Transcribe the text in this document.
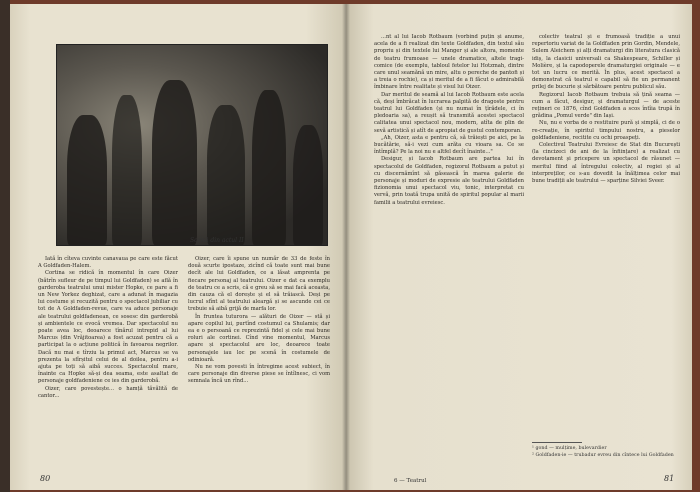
Scenă din actul II

Iată în cîteva cuvinte canavaua pe care este făcut A Goldfaden-Halem.

Cortina se ridică în momentul în care Oizer (bătrîn sufleur de pe timpul lui Goldfaden) se află în garderoba teatrului unui mister Hopke, ce pare a fi un New Yorkez deghizat, care a adunat în magazia lui costume și recuzită pentru o spectacol jubiliar cu tot de A Goldfaden-revue, care va aduce personaje ale teatrului goldfadenean, ce sosesc din garderobă și ambientele ce evocă vremea. Dar spectacolul nu poate avea loc, deoarece tînărul intrepid al lui Marcus (din Vrăjitoarea) a fost acuzat pentru că a participat la o acțiune politică în favoarea negrilor. Dacă nu mai e tîrziu la primul act, Marcus se va prezenta la sfîrșitul celui de al doilea, pentru a-i ajuta pe toți să aibă succes. Spectacolul mare, înainte ca Hopke să-și dea seama, este asaltat de personaje goldfadeniene ce ies din garderobă.

Oizer, care povestește... o hamță tăvălită de cantor...

Oizer, care îi spune un număr de 33 de feste în două scurte ipostaze, zicînd că toate sunt mai bune decît ale lui Goldfaden, ce a lăsat amprenta pe fiecare personaj al teatrului. Oizer e dat ca exemplu de teatru ce a scris, că e greu să se mai facă aceasta, din cauza că el dorește și el să trăiască. Deși pe lucrul sfînt al teatrului aleargă și se ascunde cei ce trebuie să aibă grijă de marfa lor.

În fruntea tuturora — alături de Oizer — stă și apare copilul lui, purtînd costumul ca Shulamis; dar ea e o persoană ce reprezintă fidel și cele mai bune roluri ale cortinei. Cînd vine momentul, Marcus apare și spectacolul are loc, deoarece toate personajele iau loc pe scenă în costumele de odinioară.

Nu ne vom povesti în întregime acest subiect, în care personaje din diverse piese se întîlnesc, ci vom semnala încă un rînd...

80

...nt al lui Iacob Rotbaum (vorbind puțin și anume, acela de a fi realizat din texte Goldfaden, din textul său propriu și din textele lui Manger și ale altora, momente de teatru frumoase — unele dramatice, altele tragi-comice (de exemplu, tabloul fetelor lui Hotzmah, dintre care unul seamănă un mire, altu o pereche de pantofi și a treia o rochie), ca și meritul de a fi făcut o admirabilă îmbinare între realitate și visul lui Oizer.

Dar meritul de seamă al lui Iacob Rotbaum este acela că, deși îmbrăcat în lucrarea palpită de dragoste pentru teatrul lui Goldfaden (și nu numai în țîrădele, ci în pledoaria sa), a reușit să transmită acestei spectacol calitatea unui spectacol nou, modern, atîta de plin de sevă artistică și atît de apropiat de gustul contemporan.

„Ah, Oizer, asta e pentru că, să trăiești pe aici, pe la bucătărie, să-i vezi cum arăta cu vioara sa. Ce se întîmplă? Pe la noi nu e altfel decît înainte..."

Desigur, și Iacob Rotbaum are partea lui în spectacolul de Goldfaden, regizorul Rotbaum a putut și cu discernămînt să găsească în marea galerie de personaje și moduri de expresie ale teatrului Goldfaden fizionomia unui spectacol viu, tonic, interpretat cu vervă, prin toată trupa unită de spiritul popular al marii familii a teatrului evreiesc.

colectiv teatral și e frumoasă tradiție a unui repertoriu variat de la Goldfaden prin Gordin, Mendele, Sulem Aleichem și alți dramaturgi din literatura clasică idiș, la clasicii universali ca Shakespeare, Schiller și Molière, și la capodoperele dramaturgiei originale — e tot un lucru ce merită. În plus, acest spectacol a demonstrat că teatrul e capabil să fie un permanent prilej de bucurie și sărbătoare pentru publicul său.

Regizorul Iacob Rotbaum trebuia să țină seama — cum a făcut, desigur, și dramaturgul — de aceste rețineri ce 1876, cînd Goldfaden a scos întîia trupă în grădina „Pomul verde" din Iași.

Nu, nu e vorba de o restituire pură și simplă, ci de o re-creație, în spiritul timpului nostru, a pieselor goldfadeniene, recitite cu ochi proaspeți.

Colectivul Teatrului Evreiesc de Stat din București (la cincizeci de ani de la înființare) a realizat cu devotament și pricepere un spectacol de răsunet — meritul fiind al întregului colectiv, al regiei și al interpreților, ce s-au dovedit la înălțimea celor mai bune tradiții ale teatrului — sparține Silviei Sveer.

6 — Teatrul	81
¹ gond — mulțime, bulevardier
² Goldfaden-ie — trubadur evreu din cîntece lui Goldfaden
